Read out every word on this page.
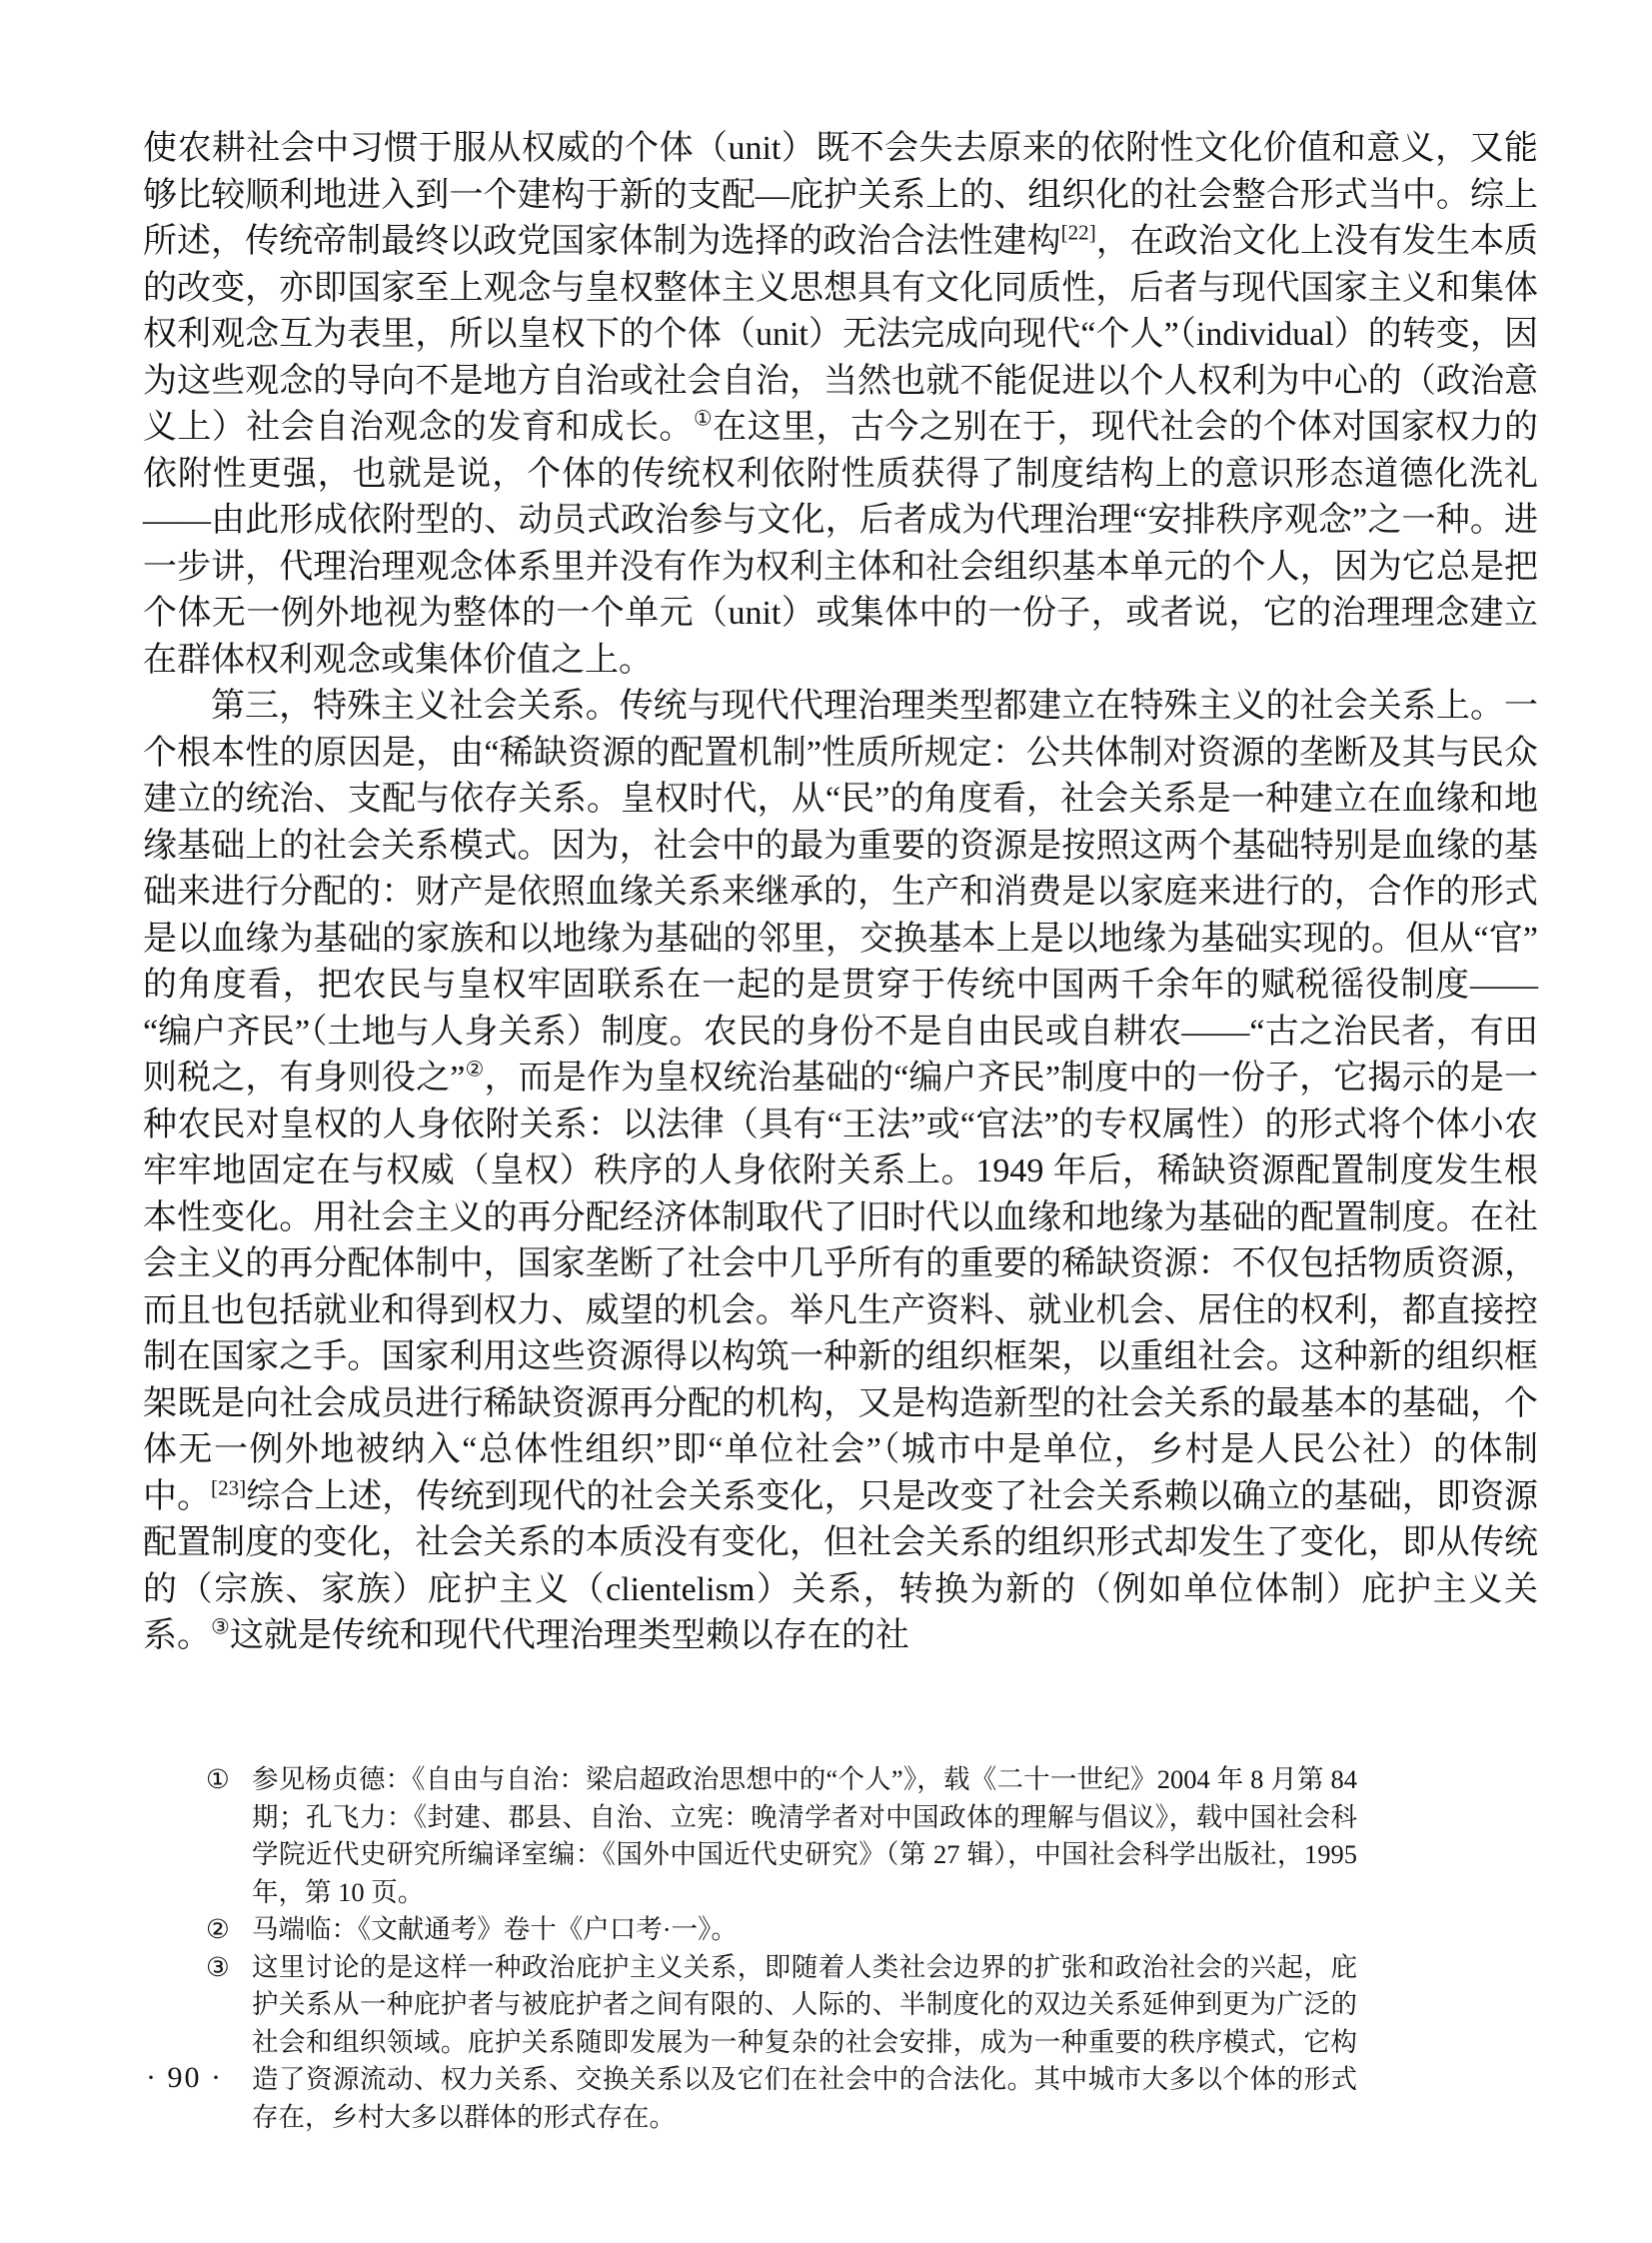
使农耕社会中习惯于服从权威的个体（unit）既不会失去原来的依附性文化价值和意义，又能够比较顺利地进入到一个建构于新的支配—庇护关系上的、组织化的社会整合形式当中。综上所述，传统帝制最终以政党国家体制为选择的政治合法性建构[22]，在政治文化上没有发生本质的改变，亦即国家至上观念与皇权整体主义思想具有文化同质性，后者与现代国家主义和集体权利观念互为表里，所以皇权下的个体（unit）无法完成向现代“个人”（individual）的转变，因为这些观念的导向不是地方自治或社会自治，当然也就不能促进以个人权利为中心的（政治意义上）社会自治观念的发育和成长。①在这里，古今之别在于，现代社会的个体对国家权力的依附性更强，也就是说，个体的传统权利依附性质获得了制度结构上的意识形态道德化洗礼——由此形成依附型的、动员式政治参与文化，后者成为代理治理“安排秩序观念”之一种。进一步讲，代理治理观念体系里并没有作为权利主体和社会组织基本单元的个人，因为它总是把个体无一例外地视为整体的一个单元（unit）或集体中的一份子，或者说，它的治理理念建立在群体权利观念或集体价值之上。

第三，特殊主义社会关系。传统与现代代理治理类型都建立在特殊主义的社会关系上。一个根本性的原因是，由“稀缺资源的配置机制”性质所规定：公共体制对资源的垄断及其与民众建立的统治、支配与依存关系。皇权时代，从“民”的角度看，社会关系是一种建立在血缘和地缘基础上的社会关系模式。因为，社会中的最为重要的资源是按照这两个基础特别是血缘的基础来进行分配的：财产是依照血缘关系来继承的，生产和消费是以家庭来进行的，合作的形式是以血缘为基础的家族和以地缘为基础的邻里，交换基本上是以地缘为基础实现的。但从“官”的角度看，把农民与皇权牢固联系在一起的是贯穿于传统中国两千余年的赋税徭役制度——“编户齐民”（土地与人身关系）制度。农民的身份不是自由民或自耕农——“古之治民者，有田则税之，有身则役之”②，而是作为皇权统治基础的“编户齐民”制度中的一份子，它揭示的是一种农民对皇权的人身依附关系：以法律（具有“王法”或“官法”的专权属性）的形式将个体小农牢牢地固定在与权威（皇权）秩序的人身依附关系上。1949 年后，稀缺资源配置制度发生根本性变化。用社会主义的再分配经济体制取代了旧时代以血缘和地缘为基础的配置制度。在社会主义的再分配体制中，国家垄断了社会中几乎所有的重要的稀缺资源：不仅包括物质资源，而且也包括就业和得到权力、威望的机会。举凡生产资料、就业机会、居住的权利，都直接控制在国家之手。国家利用这些资源得以构筑一种新的组织框架，以重组社会。这种新的组织框架既是向社会成员进行稀缺资源再分配的机构，又是构造新型的社会关系的最基本的基础，个体无一例外地被纳入“总体性组织”即“单位社会”（城市中是单位，乡村是人民公社）的体制中。[23]综合上述，传统到现代的社会关系变化，只是改变了社会关系赖以确立的基础，即资源配置制度的变化，社会关系的本质没有变化，但社会关系的组织形式却发生了变化，即从传统的（宗族、家族）庇护主义（clientelism）关系，转换为新的（例如单位体制）庇护主义关系。③这就是传统和现代代理治理类型赖以存在的社

① 参见杨贞德：《自由与自治：梁启超政治思想中的“个人”》，载《二十一世纪》2004 年 8 月第 84 期；孔飞力：《封建、郡县、自治、立宪：晚清学者对中国政体的理解与倡议》，载中国社会科学院近代史研究所编译室编：《国外中国近代史研究》（第 27 辑），中国社会科学出版社，1995 年，第 10 页。
② 马端临：《文献通考》卷十《户口考·一》。
③ 这里讨论的是这样一种政治庇护主义关系，即随着人类社会边界的扩张和政治社会的兴起，庇护关系从一种庇护者与被庇护者之间有限的、人际的、半制度化的双边关系延伸到更为广泛的社会和组织领域。庇护关系随即发展为一种复杂的社会安排，成为一种重要的秩序模式，它构造了资源流动、权力关系、交换关系以及它们在社会中的合法化。其中城市大多以个体的形式存在，乡村大多以群体的形式存在。
· 90 ·
